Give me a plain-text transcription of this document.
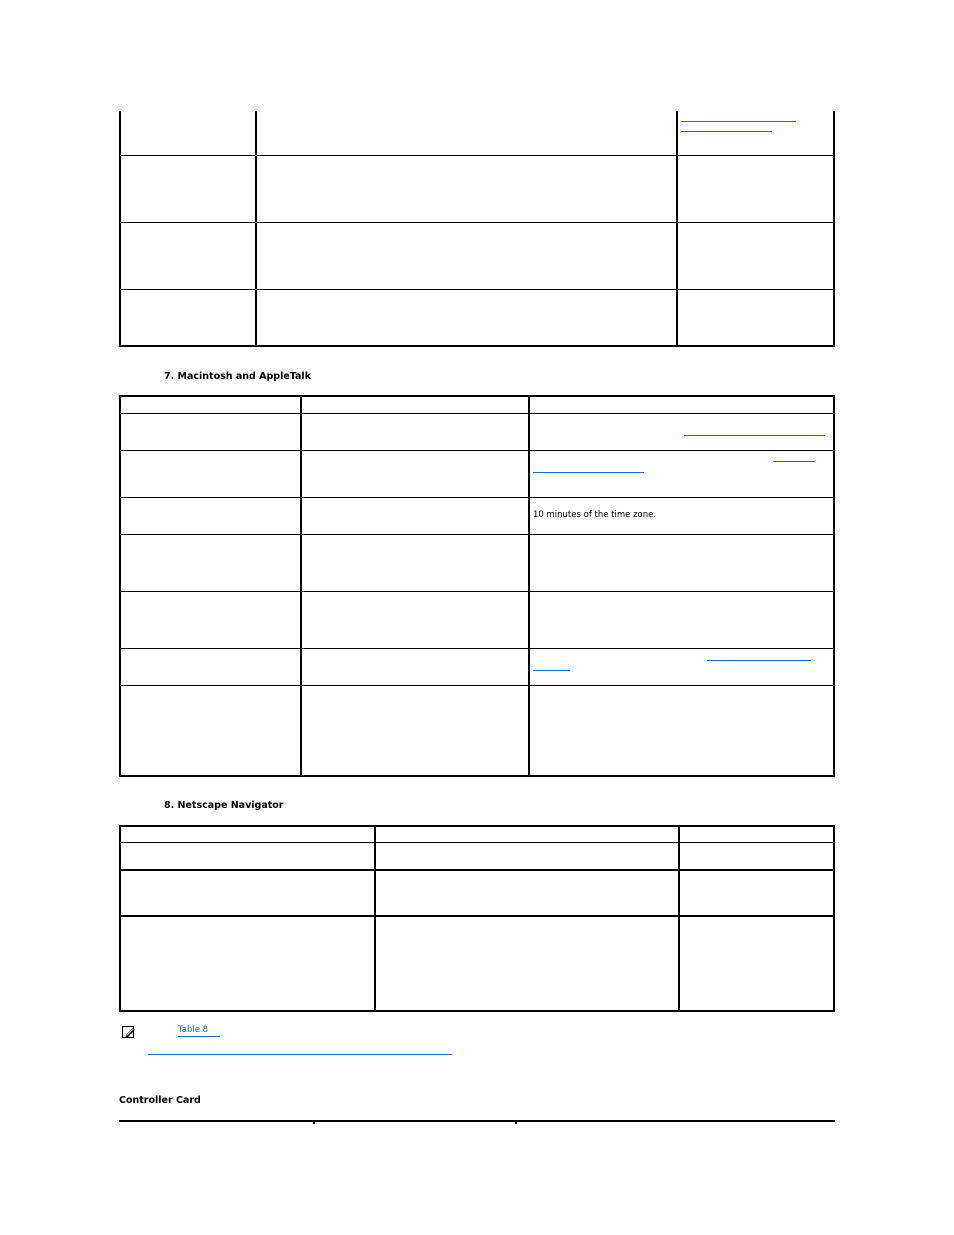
7. Macintosh and AppleTalk
10 minutes of the time zone.
8. Netscape Navigator
Table 8
Controller Card
